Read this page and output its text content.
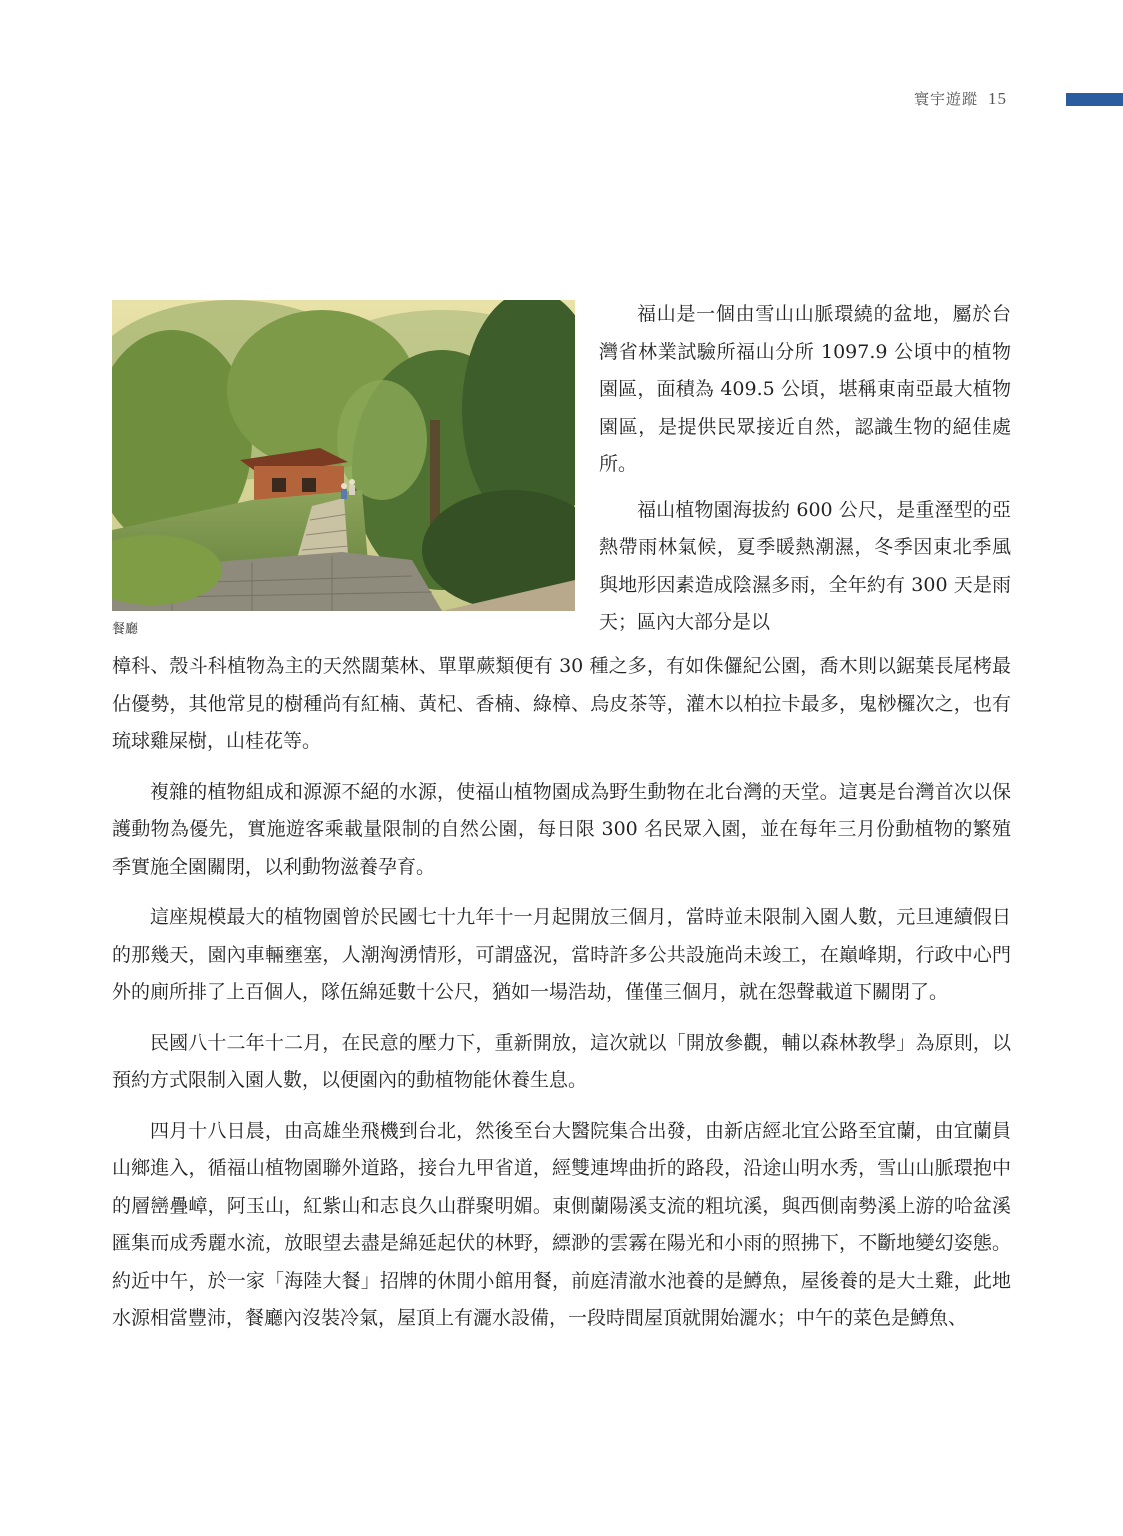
寰宇遊蹤 15
餐廳

福山是一個由雪山山脈環繞的盆地，屬於台灣省林業試驗所福山分所 1097.9 公頃中的植物園區，面積為 409.5 公頃，堪稱東南亞最大植物園區，是提供民眾接近自然，認識生物的絕佳處所。

福山植物園海拔約 600 公尺，是重溼型的亞熱帶雨林氣候，夏季暖熱潮濕，冬季因東北季風與地形因素造成陰濕多雨，全年約有 300 天是雨天；區內大部分是以

樟科、殼斗科植物為主的天然闊葉林、單單蕨類便有 30 種之多，有如侏儸紀公園，喬木則以鋸葉長尾栲最佔優勢，其他常見的樹種尚有紅楠、黃杞、香楠、綠樟、烏皮茶等，灌木以柏拉卡最多，鬼桫欏次之，也有琉球雞屎樹，山桂花等。

複雜的植物組成和源源不絕的水源，使福山植物園成為野生動物在北台灣的天堂。這裏是台灣首次以保護動物為優先，實施遊客乘載量限制的自然公園，每日限 300 名民眾入園，並在每年三月份動植物的繁殖季實施全園關閉，以利動物滋養孕育。

這座規模最大的植物園曾於民國七十九年十一月起開放三個月，當時並未限制入園人數，元旦連續假日的那幾天，園內車輛壅塞，人潮洶湧情形，可謂盛況，當時許多公共設施尚未竣工，在巔峰期，行政中心門外的廁所排了上百個人，隊伍綿延數十公尺，猶如一場浩劫，僅僅三個月，就在怨聲載道下關閉了。

民國八十二年十二月，在民意的壓力下，重新開放，這次就以「開放參觀，輔以森林教學」為原則，以預約方式限制入園人數，以便園內的動植物能休養生息。

四月十八日晨，由高雄坐飛機到台北，然後至台大醫院集合出發，由新店經北宜公路至宜蘭，由宜蘭員山鄉進入，循福山植物園聯外道路，接台九甲省道，經雙連埤曲折的路段，沿途山明水秀，雪山山脈環抱中的層巒疊嶂，阿玉山，紅紫山和志良久山群聚明媚。東側蘭陽溪支流的粗坑溪，與西側南勢溪上游的哈盆溪匯集而成秀麗水流，放眼望去盡是綿延起伏的林野，縹渺的雲霧在陽光和小雨的照拂下，不斷地變幻姿態。約近中午，於一家「海陸大餐」招牌的休閒小館用餐，前庭清澈水池養的是鱒魚，屋後養的是大土雞，此地水源相當豐沛，餐廳內沒裝冷氣，屋頂上有灑水設備，一段時間屋頂就開始灑水；中午的菜色是鱒魚、
